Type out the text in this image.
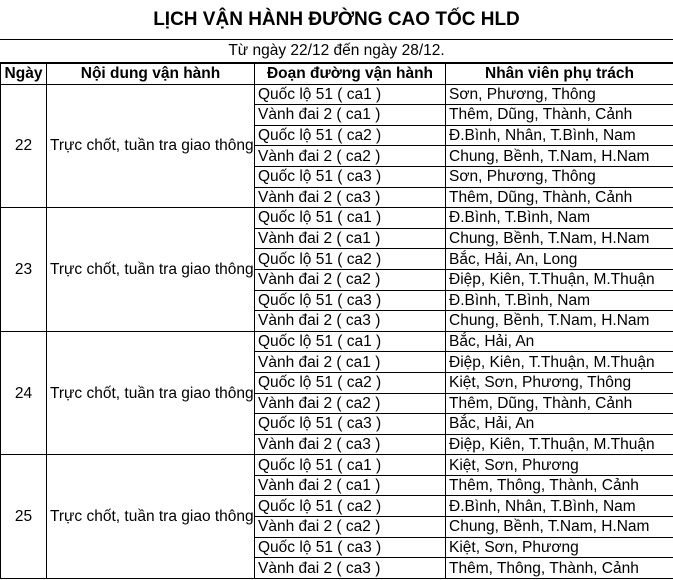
LỊCH VẬN HÀNH ĐƯỜNG CAO TỐC HLD
Từ ngày 22/12 đến ngày 28/12.
Ngày	Nội dung vận hành	Đoạn đường vận hành	Nhân viên phụ trách
22	Trực chốt, tuần tra giao thông	Quốc lộ 51 ( ca1 )	Sơn, Phương, Thông
		Vành đai 2 ( ca1 )	Thêm, Dũng, Thành, Cảnh
		Quốc lộ 51 ( ca2 )	Đ.Bình, Nhân, T.Bình, Nam
		Vành đai 2 ( ca2 )	Chung, Bềnh, T.Nam, H.Nam
		Quốc lộ 51 ( ca3 )	Sơn, Phương, Thông
		Vành đai 2 ( ca3 )	Thêm, Dũng, Thành, Cảnh
23	Trực chốt, tuần tra giao thông	Quốc lộ 51 ( ca1 )	Đ.Bình, T.Bình, Nam
		Vành đai 2 ( ca1 )	Chung, Bềnh, T.Nam, H.Nam
		Quốc lộ 51 ( ca2 )	Bắc, Hải, An, Long
		Vành đai 2 ( ca2 )	Điệp, Kiên, T.Thuận, M.Thuận
		Quốc lộ 51 ( ca3 )	Đ.Bình, T.Bình, Nam
		Vành đai 2 ( ca3 )	Chung, Bềnh, T.Nam, H.Nam
24	Trực chốt, tuần tra giao thông	Quốc lộ 51 ( ca1 )	Bắc, Hải, An
		Vành đai 2 ( ca1 )	Điệp, Kiên, T.Thuận, M.Thuận
		Quốc lộ 51 ( ca2 )	Kiệt, Sơn, Phương, Thông
		Vành đai 2 ( ca2 )	Thêm, Dũng, Thành, Cảnh
		Quốc lộ 51 ( ca3 )	Bắc, Hải, An
		Vành đai 2 ( ca3 )	Điệp, Kiên, T.Thuận, M.Thuận
25	Trực chốt, tuần tra giao thông	Quốc lộ 51 ( ca1 )	Kiệt, Sơn, Phương
		Vành đai 2 ( ca1 )	Thêm, Thông, Thành, Cảnh
		Quốc lộ 51 ( ca2 )	Đ.Bình, Nhân, T.Bình, Nam
		Vành đai 2 ( ca2 )	Chung, Bềnh, T.Nam, H.Nam
		Quốc lộ 51 ( ca3 )	Kiệt, Sơn, Phương
		Vành đai 2 ( ca3 )	Thêm, Thông, Thành, Cảnh
